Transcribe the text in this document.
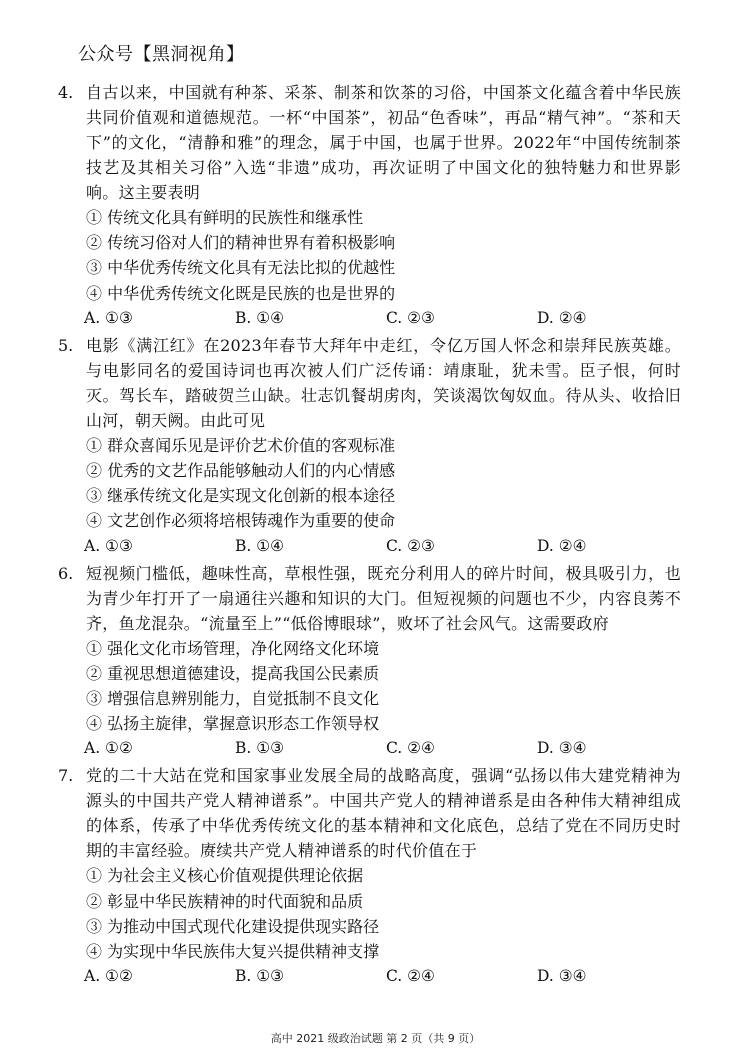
公众号【黑洞视角】
4. 自古以来，中国就有种茶、采茶、制茶和饮茶的习俗，中国茶文化蕴含着中华民族共同价值观和道德规范。一杯“中国茶”，初品“色香味”，再品“精气神”。“茶和天下”的文化，“清静和雅”的理念，属于中国，也属于世界。2022年“中国传统制茶技艺及其相关习俗”入选“非遗”成功，再次证明了中国文化的独特魅力和世界影响。这主要表明
① 传统文化具有鲜明的民族性和继承性
② 传统习俗对人们的精神世界有着积极影响
③ 中华优秀传统文化具有无法比拟的优越性
④ 中华优秀传统文化既是民族的也是世界的
A. ①③	B. ①④	C. ②③	D. ②④
5. 电影《满江红》在2023年春节大拜年中走红，令亿万国人怀念和崇拜民族英雄。与电影同名的爱国诗词也再次被人们广泛传诵：靖康耻，犹未雪。臣子恨，何时灭。驾长车，踏破贺兰山缺。壮志饥餐胡虏肉，笑谈渴饮匈奴血。待从头、收拾旧山河，朝天阙。由此可见
① 群众喜闻乐见是评价艺术价值的客观标准
② 优秀的文艺作品能够触动人们的内心情感
③ 继承传统文化是实现文化创新的根本途径
④ 文艺创作必须将培根铸魂作为重要的使命
A. ①③	B. ①④	C. ②③	D. ②④
6. 短视频门槛低，趣味性高，草根性强，既充分利用人的碎片时间，极具吸引力，也为青少年打开了一扇通往兴趣和知识的大门。但短视频的问题也不少，内容良莠不齐，鱼龙混杂。“流量至上”“低俗博眼球”，败坏了社会风气。这需要政府
① 强化文化市场管理，净化网络文化环境
② 重视思想道德建设，提高我国公民素质
③ 增强信息辨别能力，自觉抵制不良文化
④ 弘扬主旋律，掌握意识形态工作领导权
A. ①②	B. ①③	C. ②④	D. ③④
7. 党的二十大站在党和国家事业发展全局的战略高度，强调“弘扬以伟大建党精神为源头的中国共产党人精神谱系”。中国共产党人的精神谱系是由各种伟大精神组成的体系，传承了中华优秀传统文化的基本精神和文化底色，总结了党在不同历史时期的丰富经验。赓续共产党人精神谱系的时代价值在于
① 为社会主义核心价值观提供理论依据
② 彰显中华民族精神的时代面貌和品质
③ 为推动中国式现代化建设提供现实路径
④ 为实现中华民族伟大复兴提供精神支撑
A. ①②	B. ①③	C. ②④	D. ③④
高中 2021 级政治试题 第 2 页（共 9 页）
